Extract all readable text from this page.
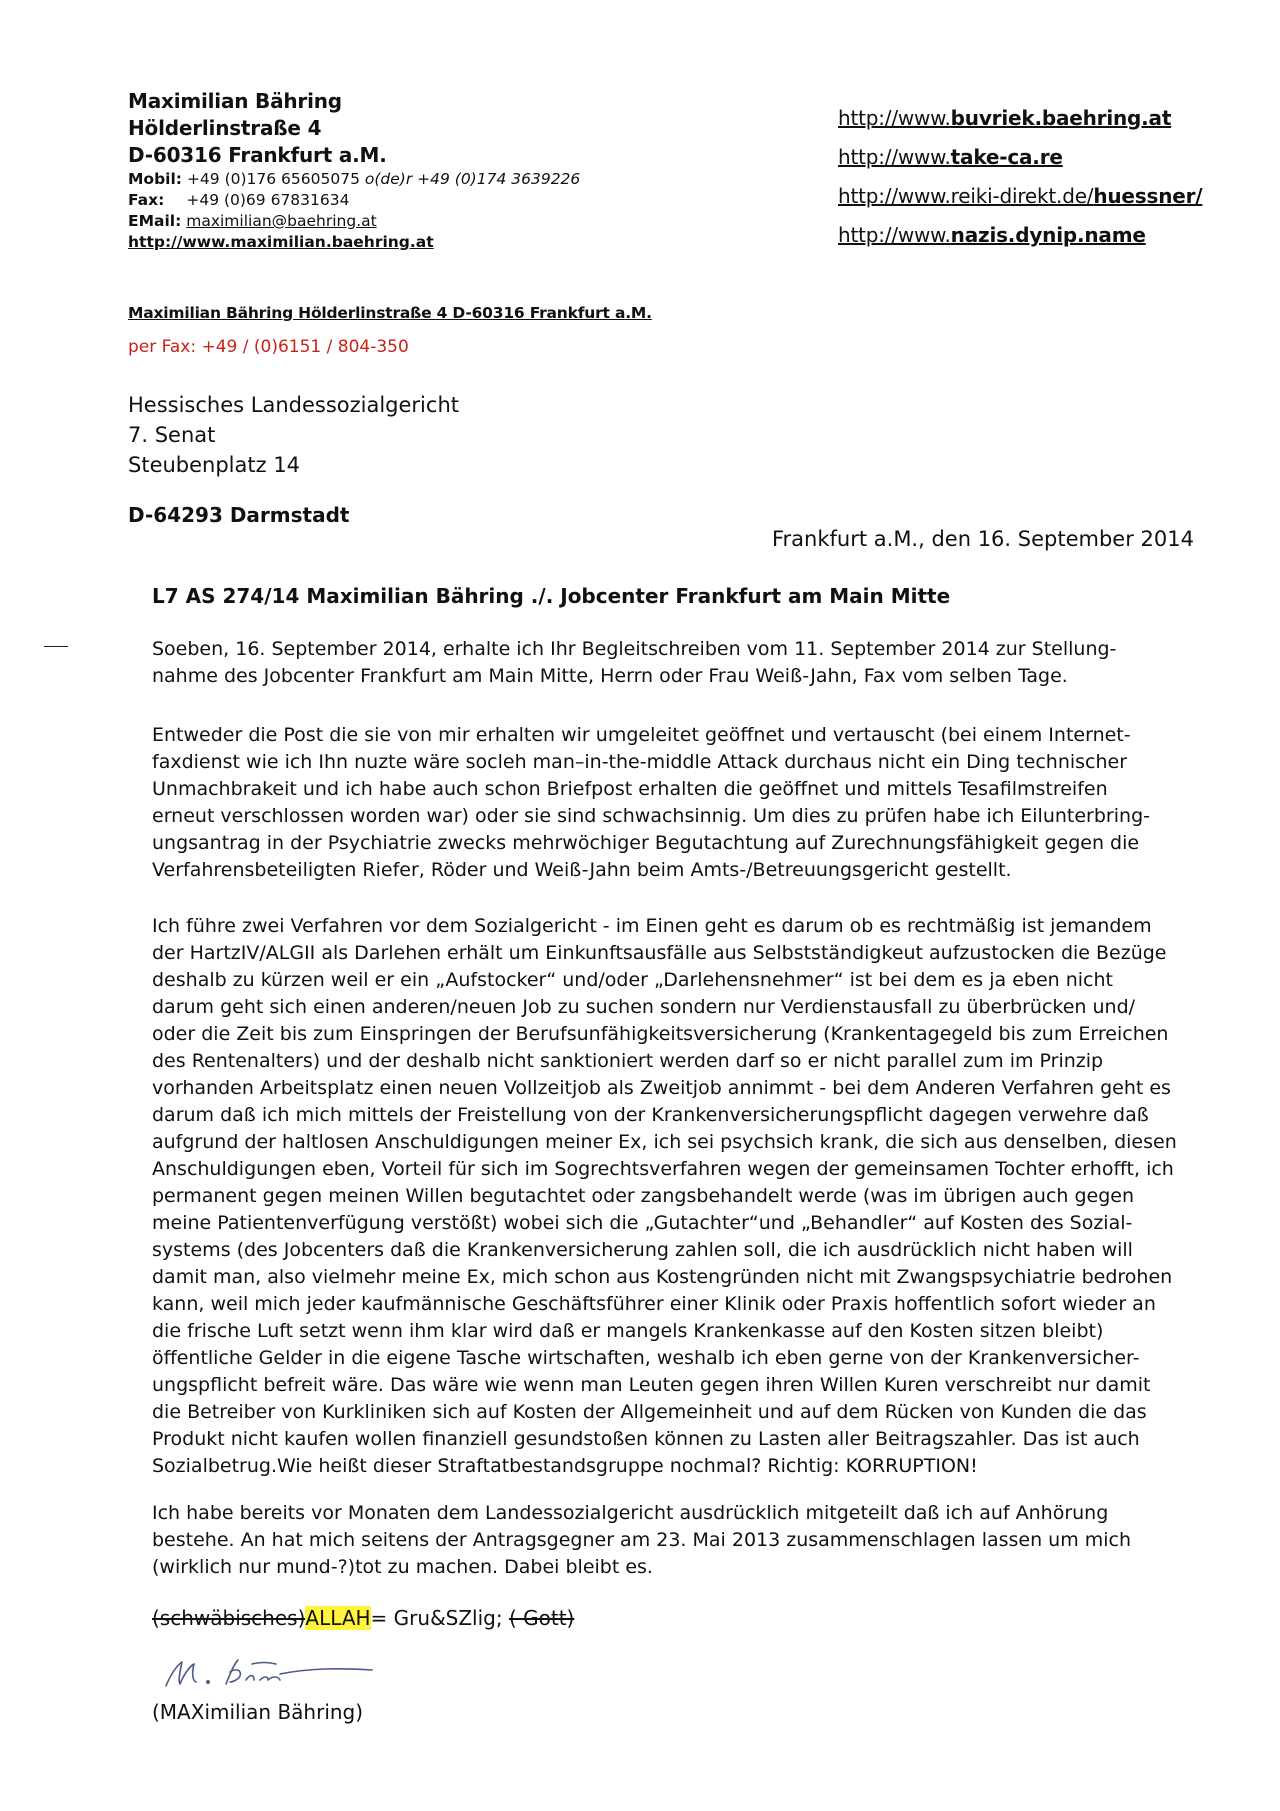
Maximilian Bähring
Hölderlinstraße 4
D-60316 Frankfurt a.M.
Mobil: +49 (0)176 65605075 o(de)r +49 (0)174 3639226
Fax: +49 (0)69 67831634
EMail: maximilian@baehring.at
http://www.maximilian.baehring.at
http://www.buvriek.baehring.at
http://www.take-ca.re
http://www.reiki-direkt.de/huessner/
http://www.nazis.dynip.name
Maximilian Bähring Hölderlinstraße 4 D-60316 Frankfurt a.M.
per Fax: +49 / (0)6151 / 804-350
Hessisches Landessozialgericht
7. Senat
Steubenplatz 14
D-64293 Darmstadt
Frankfurt a.M., den 16. September 2014
L7 AS 274/14 Maximilian Bähring ./. Jobcenter Frankfurt am Main Mitte
Soeben, 16. September 2014, erhalte ich Ihr Begleitschreiben vom 11. September 2014 zur Stellung-
nahme des Jobcenter Frankfurt am Main Mitte, Herrn oder Frau Weiß-Jahn, Fax vom selben Tage.
Entweder die Post die sie von mir erhalten wir umgeleitet geöffnet und vertauscht (bei einem Internet-
faxdienst wie ich Ihn nuzte wäre socleh man–in-the-middle Attack durchaus nicht ein Ding technischer
Unmachbrakeit und ich habe auch schon Briefpost erhalten die geöffnet und mittels Tesafilmstreifen
erneut verschlossen worden war) oder sie sind schwachsinnig. Um dies zu prüfen habe ich Eilunterbring-
ungsantrag in der Psychiatrie zwecks mehrwöchiger Begutachtung auf Zurechnungsfähigkeit gegen die
Verfahrensbeteiligten Riefer, Röder und Weiß-Jahn beim Amts-/Betreuungsgericht gestellt.
Ich führe zwei Verfahren vor dem Sozialgericht - im Einen geht es darum ob es rechtmäßig ist jemandem
der HartzIV/ALGII als Darlehen erhält um Einkunftsausfälle aus Selbstständigkeut aufzustocken die Bezüge
deshalb zu kürzen weil er ein „Aufstocker“ und/oder „Darlehensnehmer“ ist bei dem es ja eben nicht
darum geht sich einen anderen/neuen Job zu suchen sondern nur Verdienstausfall zu überbrücken und/
oder die Zeit bis zum Einspringen der Berufsunfähigkeitsversicherung (Krankentagegeld bis zum Erreichen
des Rentenalters) und der deshalb nicht sanktioniert werden darf so er nicht parallel zum im Prinzip
vorhanden Arbeitsplatz einen neuen Vollzeitjob als Zweitjob annimmt - bei dem Anderen Verfahren geht es
darum daß ich mich mittels der Freistellung von der Krankenversicherungspflicht dagegen verwehre daß
aufgrund der haltlosen Anschuldigungen meiner Ex, ich sei psychsich krank, die sich aus denselben, diesen
Anschuldigungen eben, Vorteil für sich im Sogrechtsverfahren wegen der gemeinsamen Tochter erhofft, ich
permanent gegen meinen Willen begutachtet oder zangsbehandelt werde (was im übrigen auch gegen
meine Patientenverfügung verstößt) wobei sich die „Gutachter“und „Behandler“ auf Kosten des Sozial-
systems (des Jobcenters daß die Krankenversicherung zahlen soll, die ich ausdrücklich nicht haben will
damit man, also vielmehr meine Ex, mich schon aus Kostengründen nicht mit Zwangspsychiatrie bedrohen
kann, weil mich jeder kaufmännische Geschäftsführer einer Klinik oder Praxis hoffentlich sofort wieder an
die frische Luft setzt wenn ihm klar wird daß er mangels Krankenkasse auf den Kosten sitzen bleibt)
öffentliche Gelder in die eigene Tasche wirtschaften, weshalb ich eben gerne von der Krankenversicher-
ungspflicht befreit wäre. Das wäre wie wenn man Leuten gegen ihren Willen Kuren verschreibt nur damit
die Betreiber von Kurkliniken sich auf Kosten der Allgemeinheit und auf dem Rücken von Kunden die das
Produkt nicht kaufen wollen finanziell gesundstoßen können zu Lasten aller Beitragszahler. Das ist auch
Sozialbetrug.Wie heißt dieser Straftatbestandsgruppe nochmal? Richtig: KORRUPTION!
Ich habe bereits vor Monaten dem Landessozialgericht ausdrücklich mitgeteilt daß ich auf Anhörung
bestehe. An hat mich seitens der Antragsgegner am 23. Mai 2013 zusammenschlagen lassen um mich
(wirklich nur mund-?)tot zu machen. Dabei bleibt es.
(schwäbisches)ALLAH= Gru&SZlig; ( Gott)
(MAXimilian Bähring)
